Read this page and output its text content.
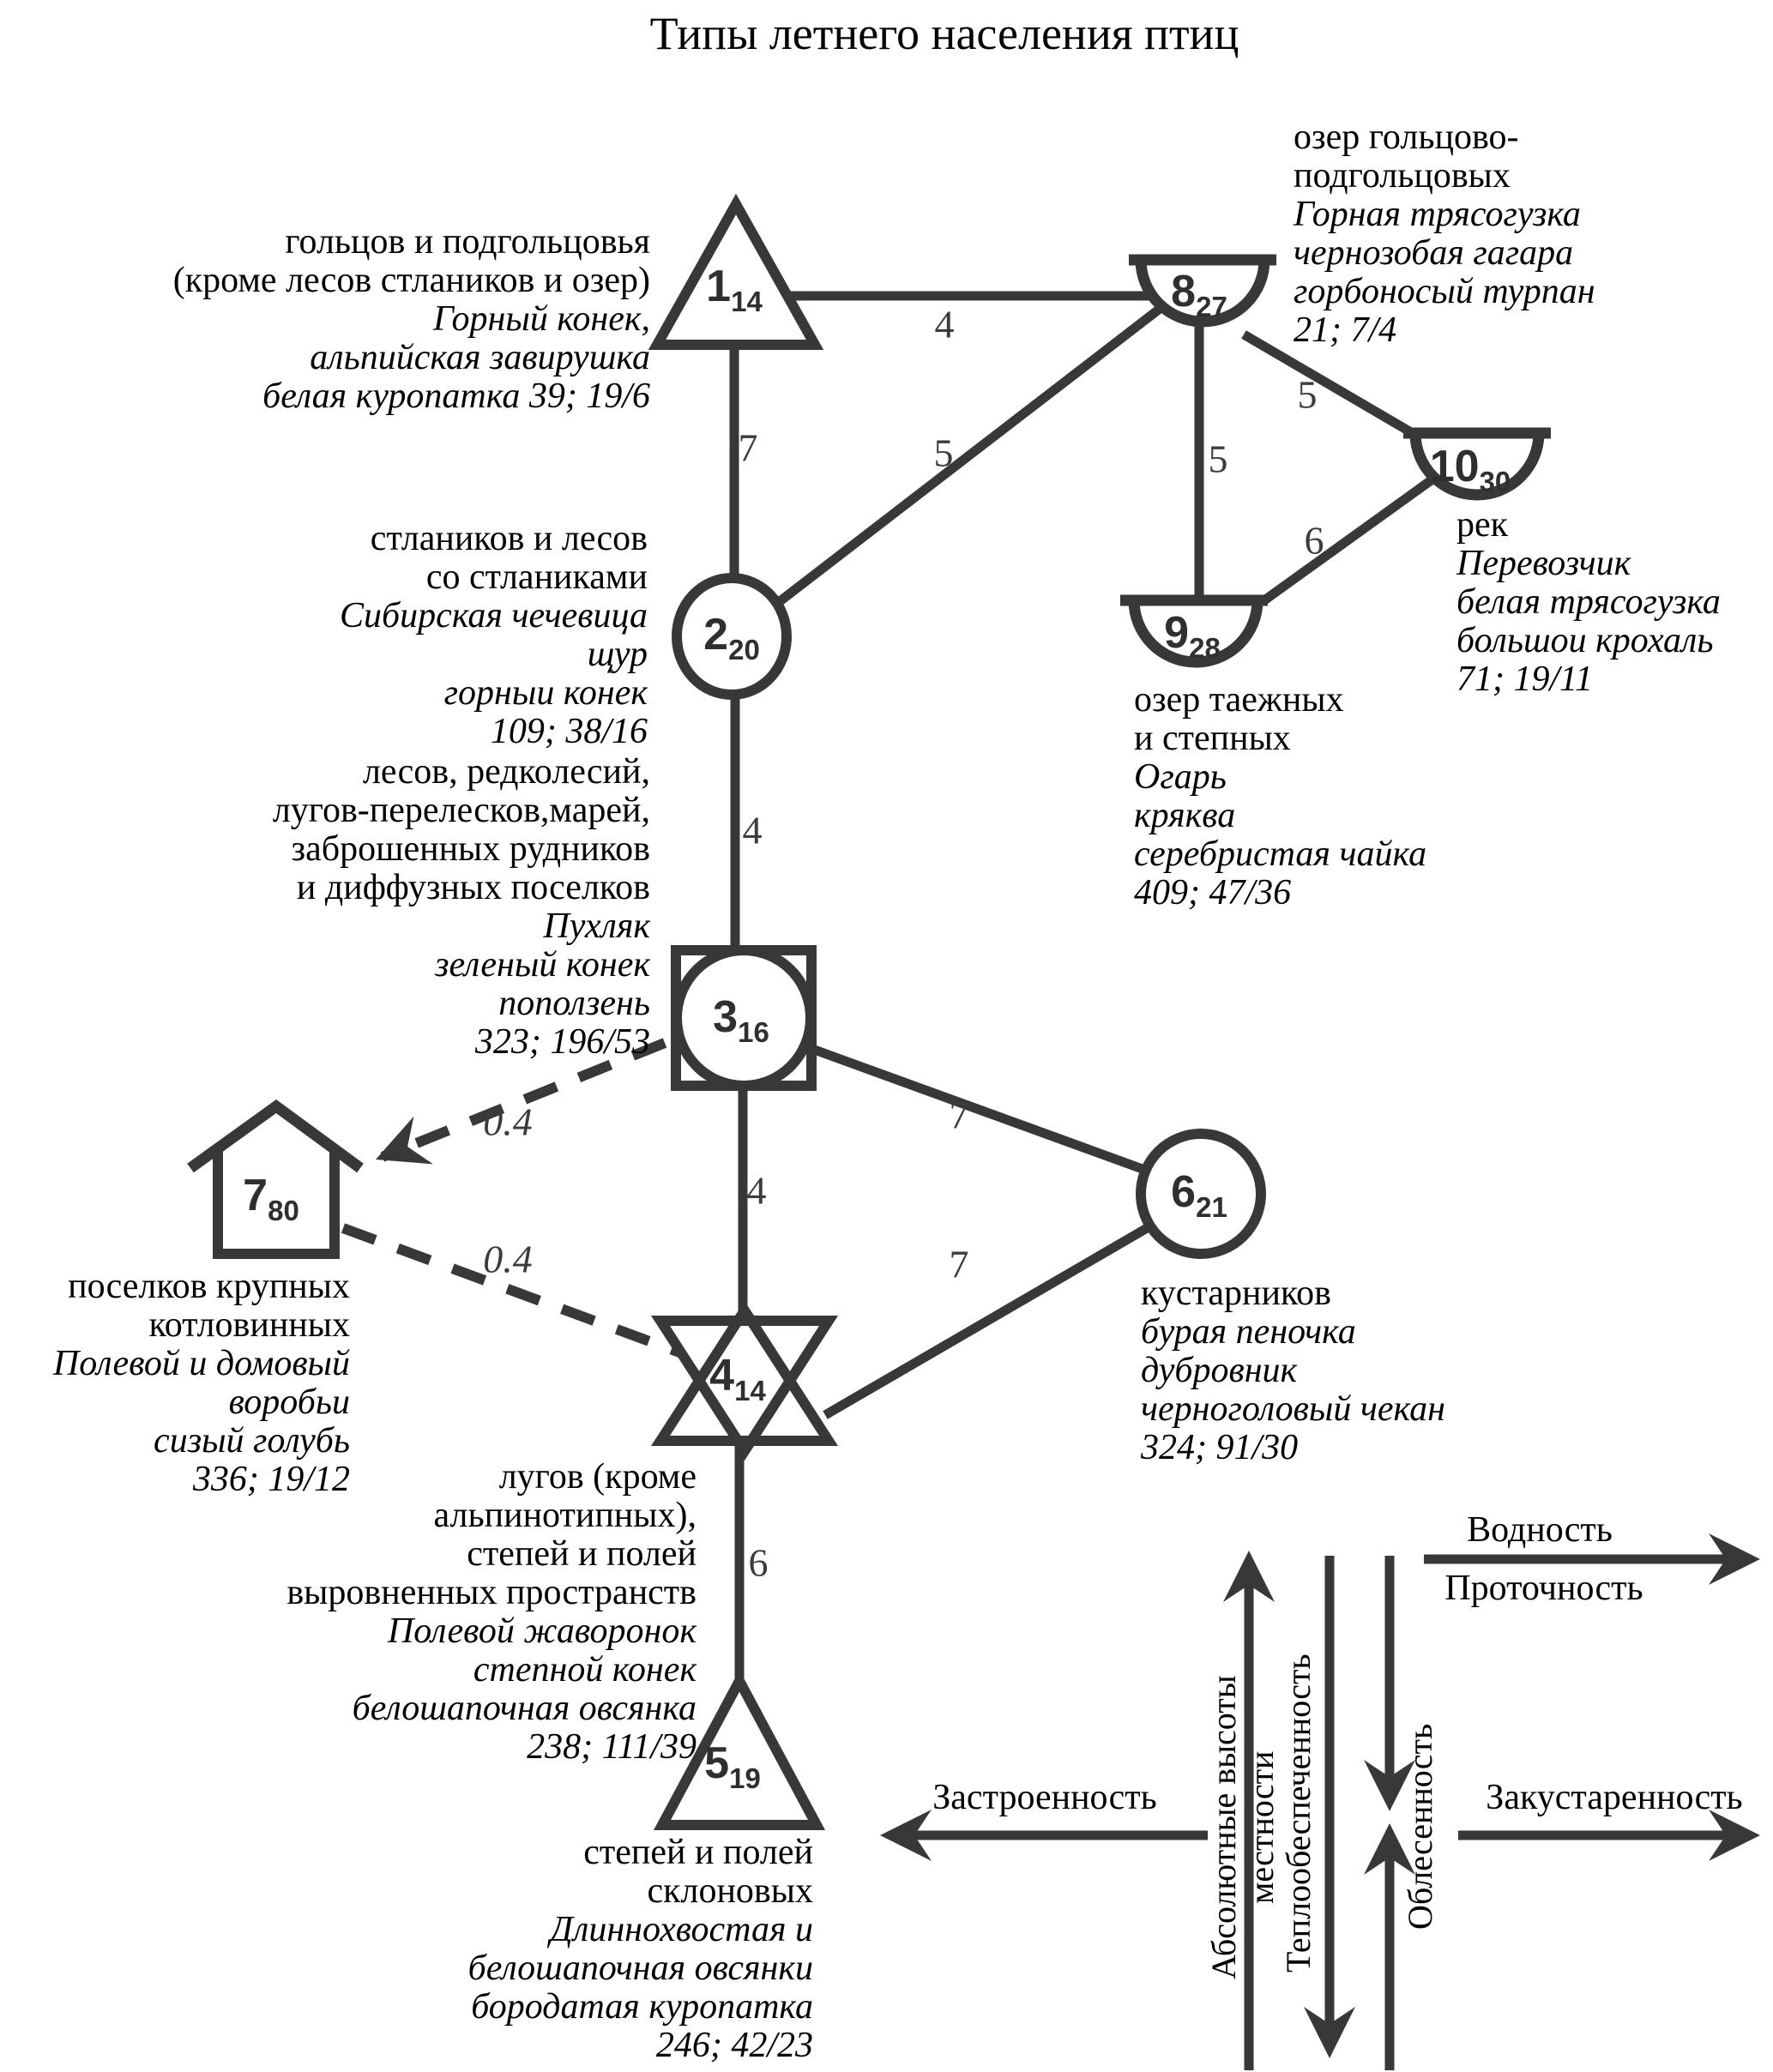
Типы летнего населения птиц
$1_{14}$
$2_{20}$
$3_{16}$
$4_{14}$
$5_{19}$
$6_{21}$
$7_{80}$
$8_{27}$
$9_{28}$
$10_{30}$
4
7	5	5
5
6
4
4
7
7
6
0.4
0.4
гольцов и подгольцовья
(кроме лесов стлаников и озер)
Горный конек,
альпийская завирушка
белая куропатка 39; 19/6
стлаников и лесов
со стланиками
Сибирская чечевица
щур
горныи конек
109; 38/16
лесов, редколесий,
лугов-перелесков,марей,
заброшенных рудников
и диффузных поселков
Пухляк
зеленый конек
поползень
323; 196/53
лугов (кроме
альпинотипных),
степей и полей
выровненных пространств
Полевой жаворонок
степной конек
белошапочная овсянка
238; 111/39
степей и полей
склоновых
Длиннохвостая и
белошапочная овсянки
бородатая куропатка
246; 42/23
кустарников
бурая пеночка
дубровник
черноголовый чекан
324; 91/30
поселков крупных
котловинных
Полевой и домовый
воробьи
сизый голубь
336; 19/12
озер гольцово-
подгольцовых
Горная трясогузка
чернозобая гагара
горбоносый турпан
21; 7/4
озер таежных
и степных
Огарь
кряква
серебристая чайка
409; 47/36
рек
Перевозчик
белая трясогузка
большои крохаль
71; 19/11
Водность
Проточность
Застроенность	Закустаренность
Абсолютные высоты местности
Теплообеспеченность Облесенность
